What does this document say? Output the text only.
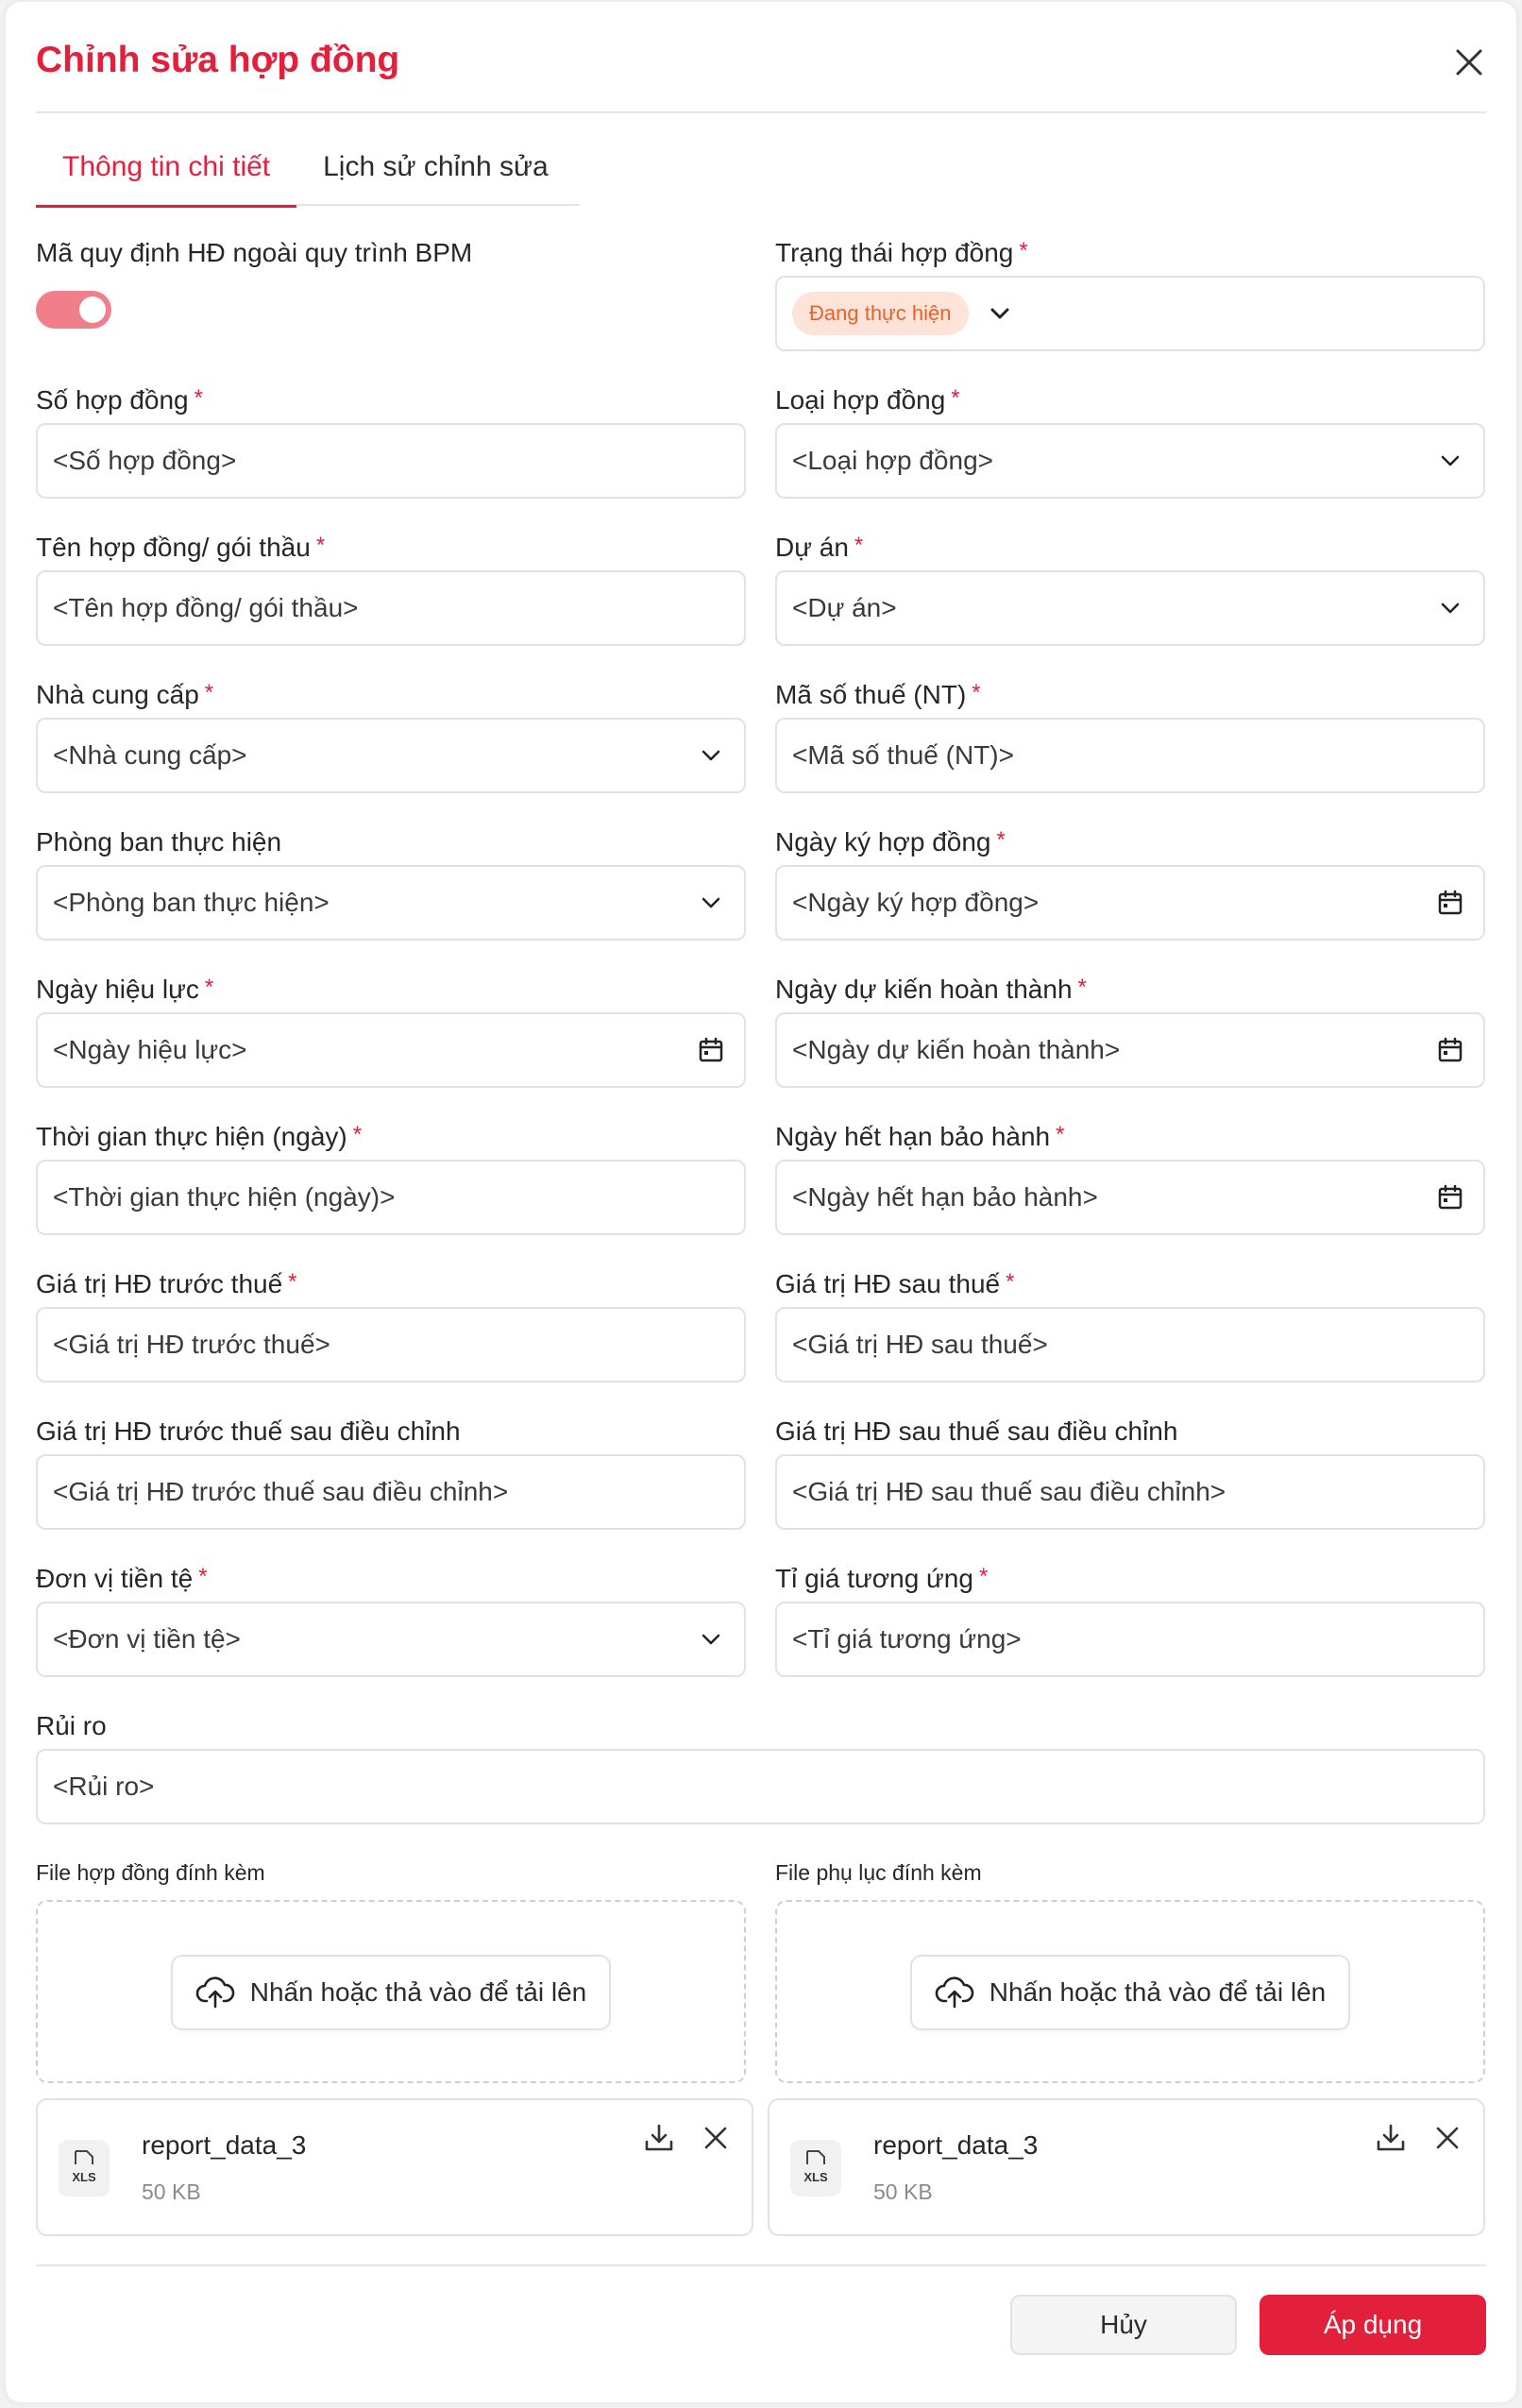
Chỉnh sửa hợp đồng
Thông tin chi tiết	Lịch sử chỉnh sửa
Mã quy định HĐ ngoài quy trình BPM	Trạng thái hợp đồng *
Đang thực hiện
Số hợp đồng *
<Số hợp đồng>
Loại hợp đồng *
<Loại hợp đồng>
Tên hợp đồng/ gói thầu *
<Tên hợp đồng/ gói thầu>
Dự án *
<Dự án>
Nhà cung cấp *
<Nhà cung cấp>
Mã số thuế (NT) *
<Mã số thuế (NT)>
Phòng ban thực hiện
<Phòng ban thực hiện>
Ngày ký hợp đồng *
<Ngày ký hợp đồng>
Ngày hiệu lực *
<Ngày hiệu lực>
Ngày dự kiến hoàn thành *
<Ngày dự kiến hoàn thành>
Thời gian thực hiện (ngày) *
<Thời gian thực hiện (ngày)>
Ngày hết hạn bảo hành *
<Ngày hết hạn bảo hành>
Giá trị HĐ trước thuế *
<Giá trị HĐ trước thuế>
Giá trị HĐ sau thuế *
<Giá trị HĐ sau thuế>
Giá trị HĐ trước thuế sau điều chỉnh
<Giá trị HĐ trước thuế sau điều chỉnh>
Giá trị HĐ sau thuế sau điều chỉnh
<Giá trị HĐ sau thuế sau điều chỉnh>
Đơn vị tiền tệ *
<Đơn vị tiền tệ>
Tỉ giá tương ứng *
<Tỉ giá tương ứng>
Rủi ro
<Rủi ro>
File hợp đồng đính kèm	File phụ lục đính kèm
Nhấn hoặc thả vào để tải lên	Nhấn hoặc thả vào để tải lên
XLS
report_data_3
50 KB
XLS
report_data_3
50 KB
Hủy	Áp dụng
